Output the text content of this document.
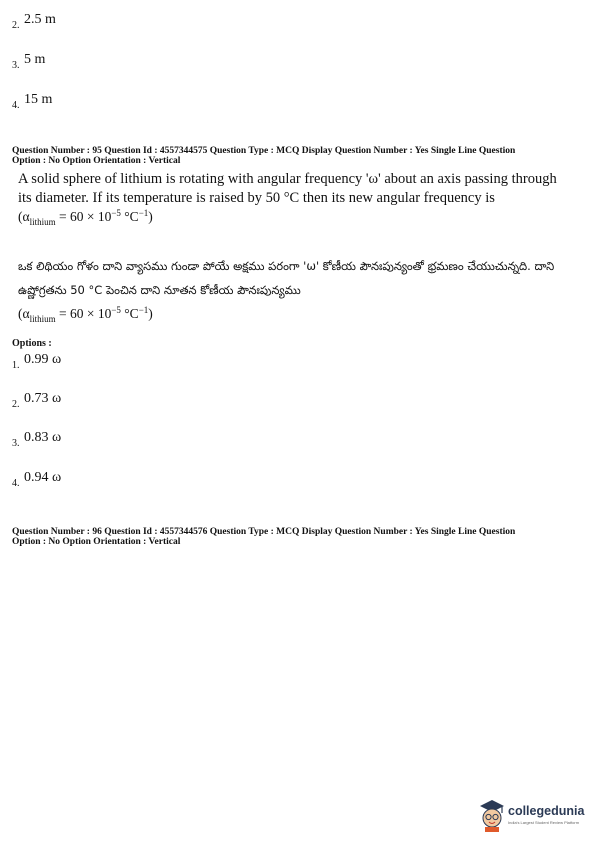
2. 2.5 m
3. 5 m
4. 15 m
Question Number : 95 Question Id : 4557344575 Question Type : MCQ Display Question Number : Yes Single Line Question
Option : No Option Orientation : Vertical
A solid sphere of lithium is rotating with angular frequency 'ω' about an axis passing through its diameter. If its temperature is raised by 50 °C then its new angular frequency is
($\alpha_{lithium} = 60 \times 10^{-5}$ $^\circ C^{-1}$)
ఒక లిథియం గోళం దాని వ్యాసము గుండా పోయే అక్షము పరంగా 'ω' కోణీయ పౌనఃపున్యంతో భ్రమణం చేయుచున్నది. దాని ఉష్ణోగ్రతను 50 °C పెంచిన దాని నూతన కోణీయ పౌనఃపున్యము
($\alpha_{lithium} = 60 \times 10^{-5}$ $^\circ C^{-1}$)
Options :
1. 0.99 ω
2. 0.73 ω
3. 0.83 ω
4. 0.94 ω
Question Number : 96 Question Id : 4557344576 Question Type : MCQ Display Question Number : Yes Single Line Question
Option : No Option Orientation : Vertical
collegedunia
India's Largest Student Review Platform
